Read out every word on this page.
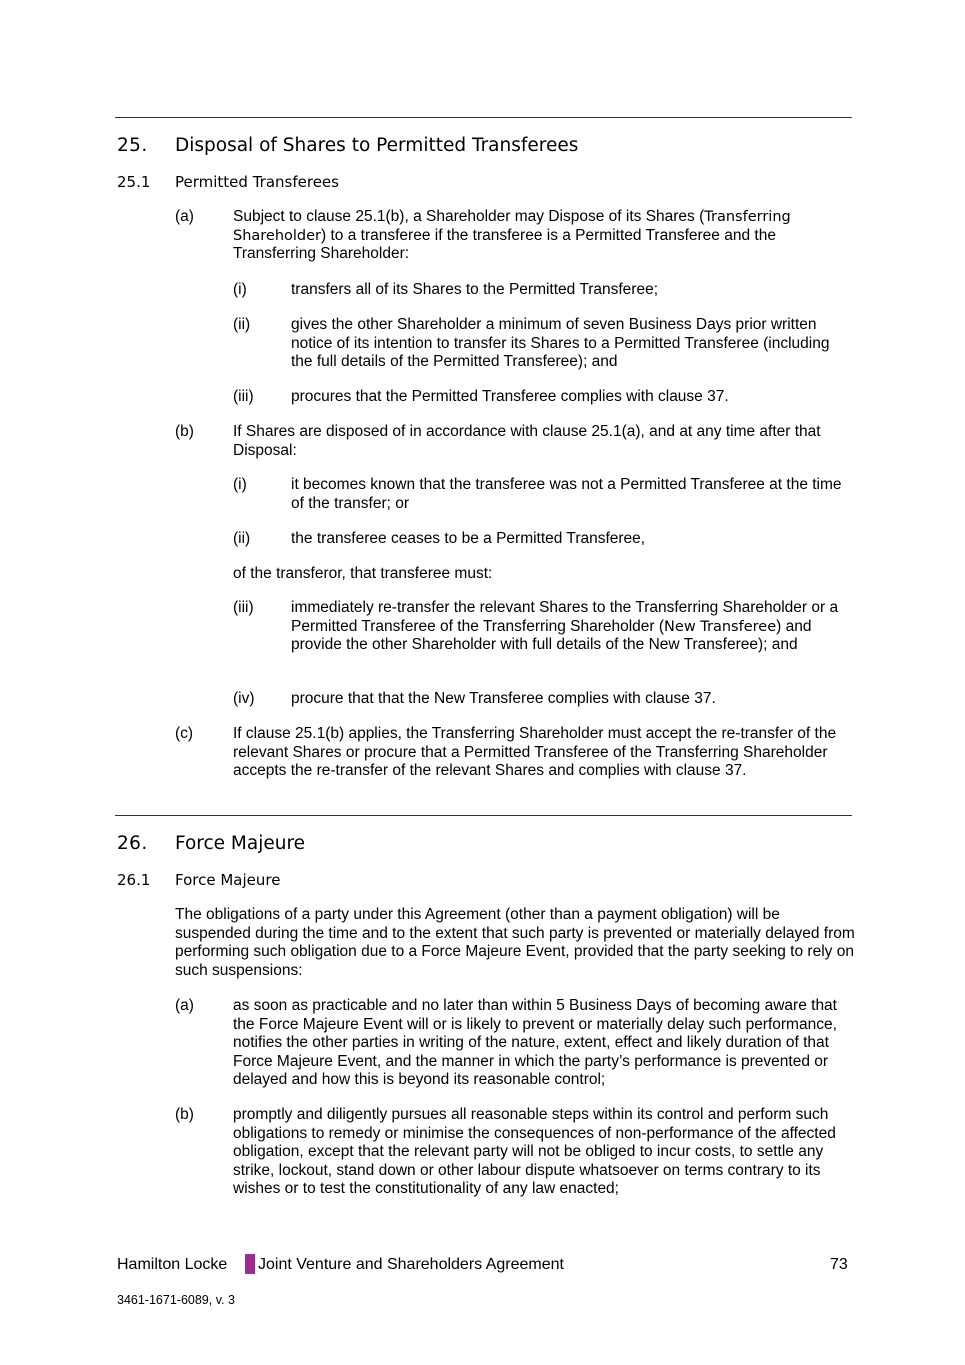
25. Disposal of Shares to Permitted Transferees
25.1 Permitted Transferees
(a)	Subject to clause 25.1(b), a Shareholder may Dispose of its Shares (Transferring Shareholder) to a transferee if the transferee is a Permitted Transferee and the Transferring Shareholder:
(i)	transfers all of its Shares to the Permitted Transferee;
(ii)	gives the other Shareholder a minimum of seven Business Days prior written notice of its intention to transfer its Shares to a Permitted Transferee (including the full details of the Permitted Transferee); and
(iii) procures that the Permitted Transferee complies with clause 37.
(b)	If Shares are disposed of in accordance with clause 25.1(a), and at any time after that Disposal:
(i)	it becomes known that the transferee was not a Permitted Transferee at the time of the transfer; or
(ii)	the transferee ceases to be a Permitted Transferee,
of the transferor, that transferee must:
(iii) immediately re-transfer the relevant Shares to the Transferring Shareholder or a Permitted Transferee of the Transferring Shareholder (New Transferee) and provide the other Shareholder with full details of the New Transferee); and
(iv) procure that that the New Transferee complies with clause 37.
(c)	If clause 25.1(b) applies, the Transferring Shareholder must accept the re-transfer of the relevant Shares or procure that a Permitted Transferee of the Transferring Shareholder accepts the re-transfer of the relevant Shares and complies with clause 37.
26. Force Majeure
26.1 Force Majeure
The obligations of a party under this Agreement (other than a payment obligation) will be suspended during the time and to the extent that such party is prevented or materially delayed from performing such obligation due to a Force Majeure Event, provided that the party seeking to rely on such suspensions:
(a)	as soon as practicable and no later than within 5 Business Days of becoming aware that the Force Majeure Event will or is likely to prevent or materially delay such performance, notifies the other parties in writing of the nature, extent, effect and likely duration of that Force Majeure Event, and the manner in which the party’s performance is prevented or delayed and how this is beyond its reasonable control;
(b)	promptly and diligently pursues all reasonable steps within its control and perform such obligations to remedy or minimise the consequences of non-performance of the affected obligation, except that the relevant party will not be obliged to incur costs, to settle any strike, lockout, stand down or other labour dispute whatsoever on terms contrary to its wishes or to test the constitutionality of any law enacted;
Hamilton Locke Joint Venture and Shareholders Agreement	73
3461-1671-6089, v. 3
